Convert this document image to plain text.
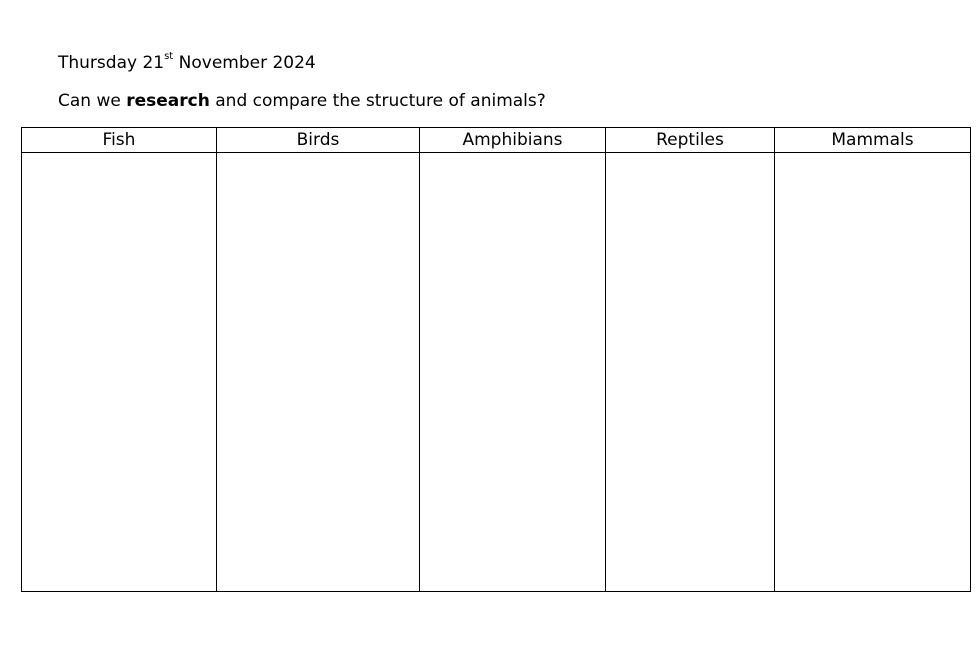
Thursday 21st November 2024
Can we research and compare the structure of animals?
Fish	Birds	Amphibians	Reptiles	Mammals
